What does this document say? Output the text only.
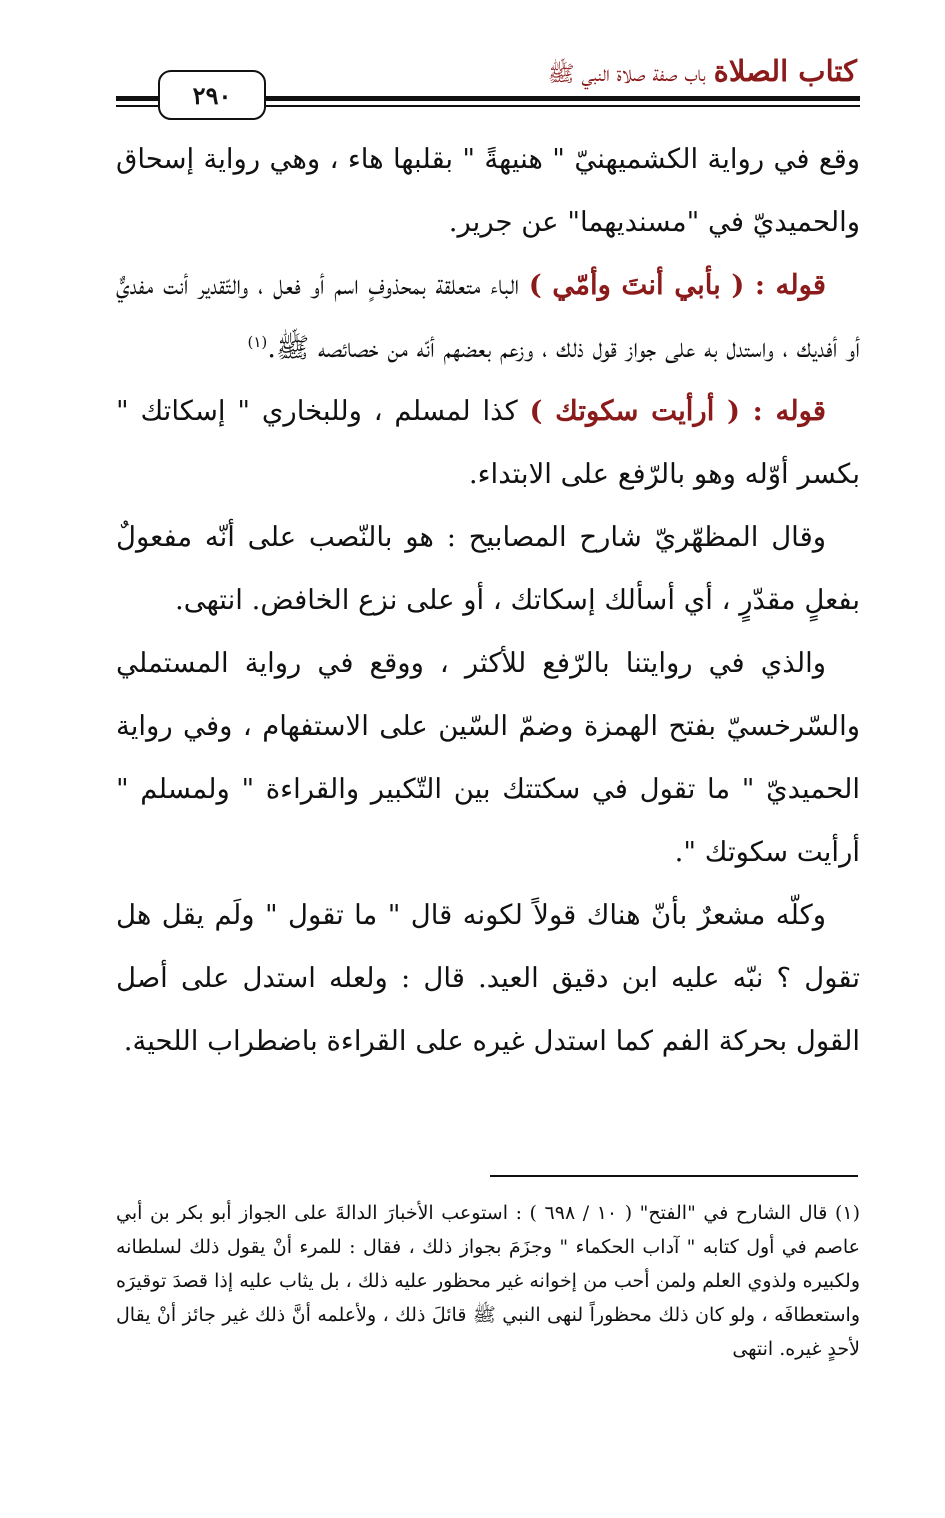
كتاب الصلاة باب صفة صلاة النبي ﷺ
٢٩٠

وقع في رواية الكشميهنيّ " هنيهةً " بقلبها هاء ، وهي رواية إسحاق والحميديّ في "مسنديهما" عن جرير.

قوله : ( بأبي أنتَ وأمّي ) الباء متعلقة بمحذوفٍ اسم أو فعل ، والتّقدير أنت مفديٌّ أو أفديك ، واستدل به على جواز قول ذلك ، وزعم بعضهم أنّه من خصائصه ﷺ.$^{(١)}$

قوله : ( أرأيت سكوتك ) كذا لمسلم ، وللبخاري " إسكاتك " بكسر أوّله وهو بالرّفع على الابتداء.

وقال المظهّريّ شارح المصابيح : هو بالنّصب على أنّه مفعولٌ بفعلٍ مقدّرٍ ، أي أسألك إسكاتك ، أو على نزع الخافض. انتهى.

والذي في روايتنا بالرّفع للأكثر ، ووقع في رواية المستملي والسّرخسيّ بفتح الهمزة وضمّ السّين على الاستفهام ، وفي رواية الحميديّ " ما تقول في سكتتك بين التّكبير والقراءة " ولمسلم " أرأيت سكوتك ".

وكلّه مشعرٌ بأنّ هناك قولاً لكونه قال " ما تقول " ولَم يقل هل تقول ؟ نبّه عليه ابن دقيق العيد. قال : ولعله استدل على أصل القول بحركة الفم كما استدل غيره على القراءة باضطراب اللحية.

(١) قال الشارح في "الفتح" ( ١٠ / ٦٩٨ ) : استوعب الأخبارَ الدالةَ على الجواز أبو بكر بن أبي عاصم في أول كتابه " آداب الحكماء " وجزَمَ بجواز ذلك ، فقال : للمرء أنْ يقول ذلك لسلطانه ولكبيره ولذوي العلم ولمن أحب من إخوانه غير محظور عليه ذلك ، بل يثاب عليه إذا قصدَ توقيرَه واستعطافَه ، ولو كان ذلك محظوراً لنهى النبي ﷺ قائلَ ذلك ، ولأعلمه أنَّ ذلك غير جائز أنْ يقال لأحدٍ غيره. انتهى
